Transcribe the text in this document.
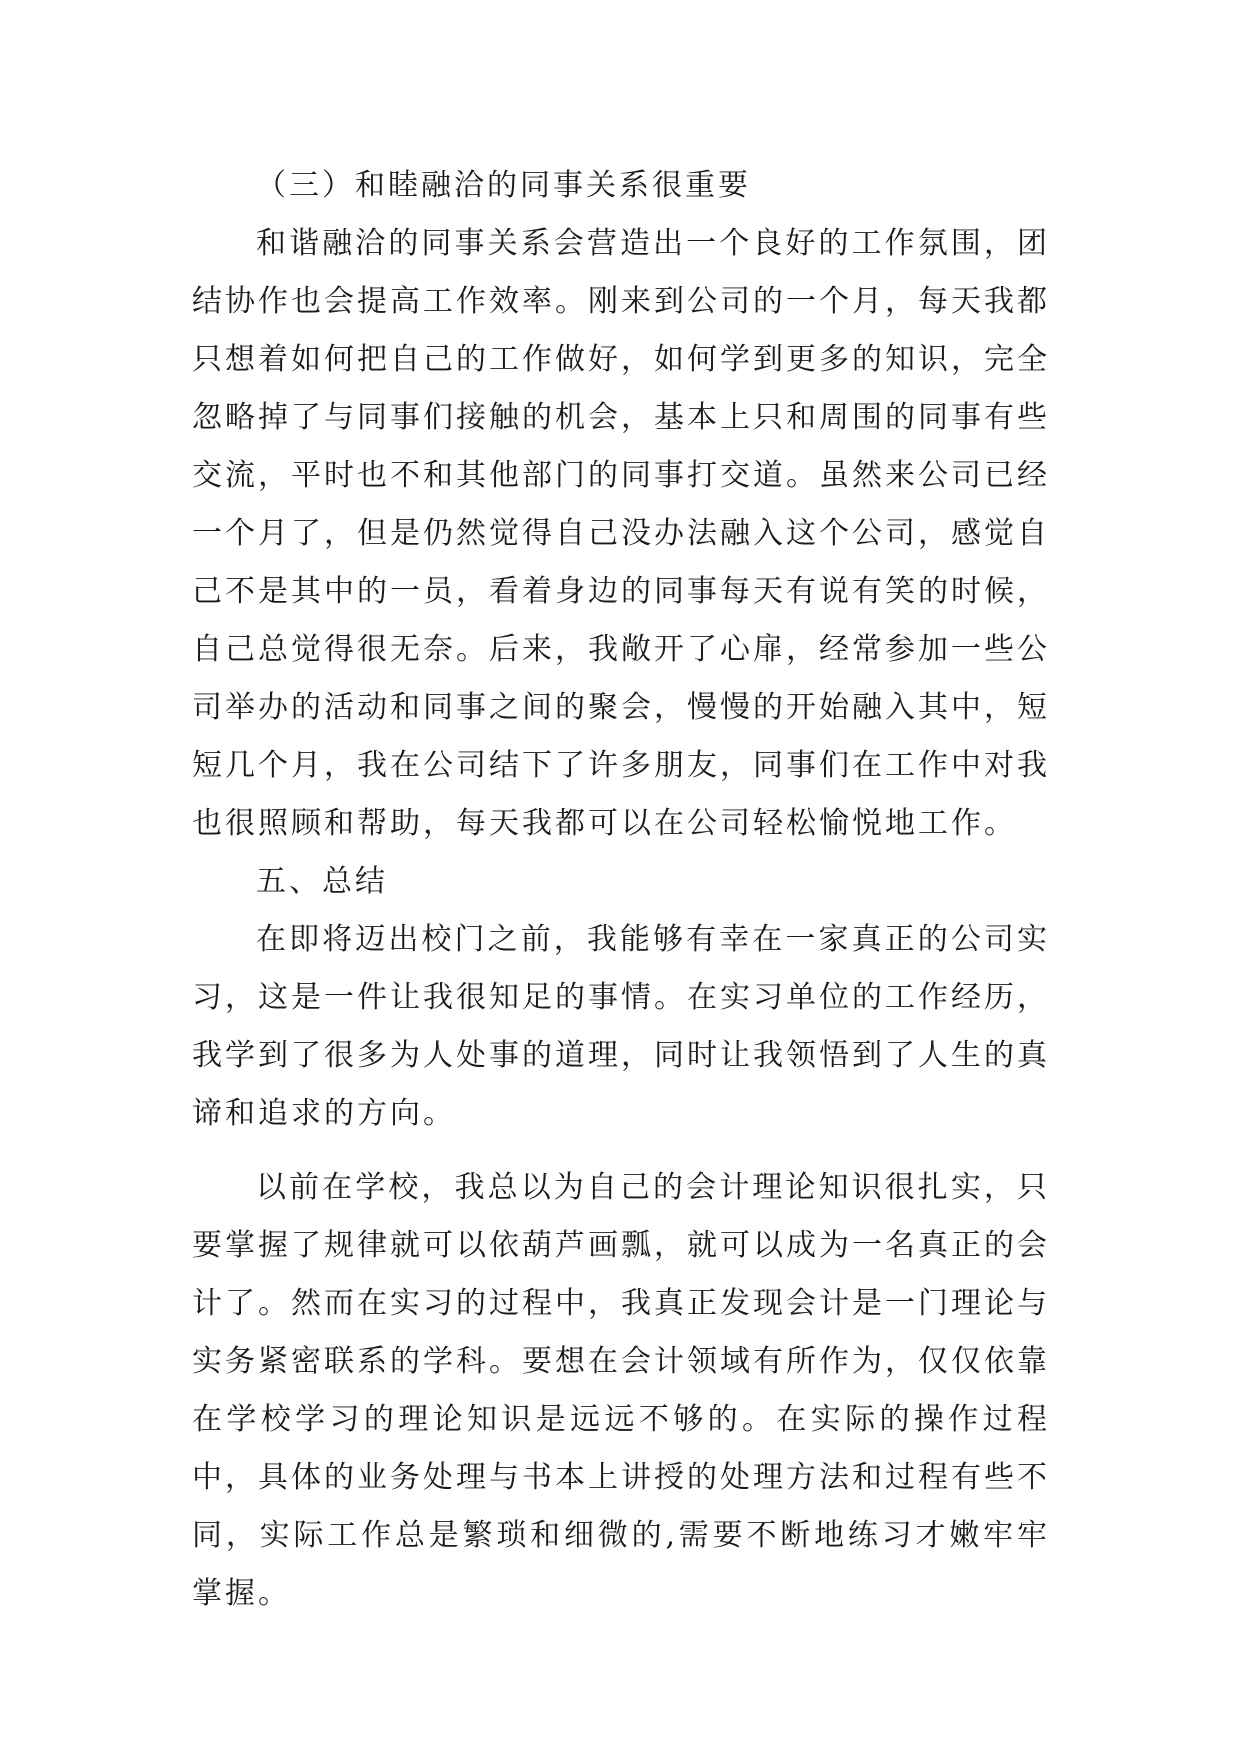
（三）和睦融洽的同事关系很重要

和谐融洽的同事关系会营造出一个良好的工作氛围，团结协作也会提高工作效率。刚来到公司的一个月，每天我都只想着如何把自己的工作做好，如何学到更多的知识，完全忽略掉了与同事们接触的机会，基本上只和周围的同事有些交流，平时也不和其他部门的同事打交道。虽然来公司已经一个月了，但是仍然觉得自己没办法融入这个公司，感觉自己不是其中的一员，看着身边的同事每天有说有笑的时候，自己总觉得很无奈。后来，我敞开了心扉，经常参加一些公司举办的活动和同事之间的聚会，慢慢的开始融入其中，短短几个月，我在公司结下了许多朋友，同事们在工作中对我也很照顾和帮助，每天我都可以在公司轻松愉悦地工作。

五、总结

在即将迈出校门之前，我能够有幸在一家真正的公司实习，这是一件让我很知足的事情。在实习单位的工作经历，我学到了很多为人处事的道理，同时让我领悟到了人生的真谛和追求的方向。

以前在学校，我总以为自己的会计理论知识很扎实，只要掌握了规律就可以依葫芦画瓢，就可以成为一名真正的会计了。然而在实习的过程中，我真正发现会计是一门理论与实务紧密联系的学科。要想在会计领域有所作为，仅仅依靠在学校学习的理论知识是远远不够的。在实际的操作过程中，具体的业务处理与书本上讲授的处理方法和过程有些不同，实际工作总是繁琐和细微的,需要不断地练习才嫩牢牢掌握。
